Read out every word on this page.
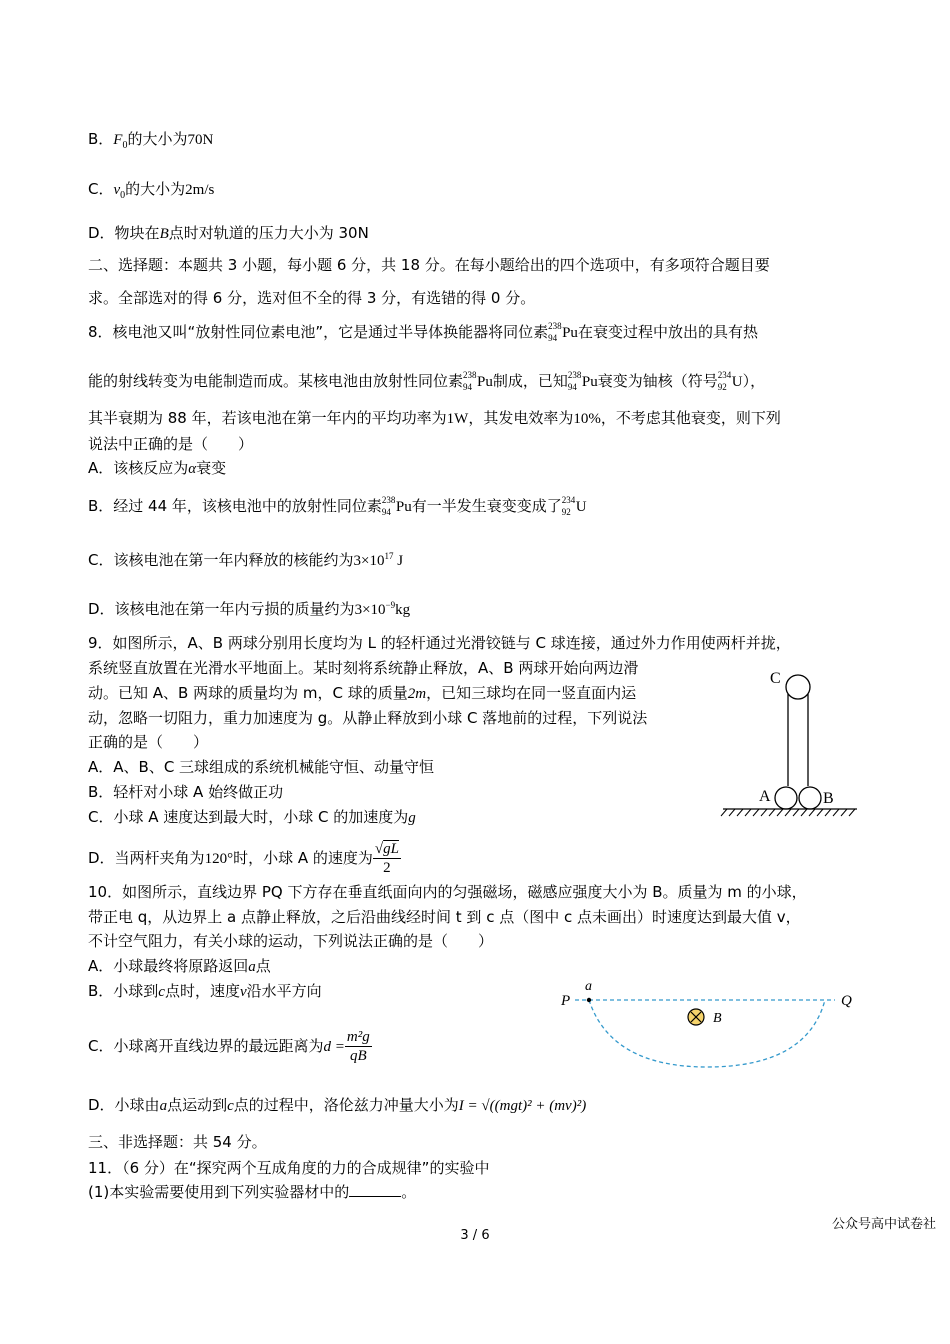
B．$F_0$的大小为70N
C．$v_0$的大小为2m/s
D．物块在B点时对轨道的压力大小为 30N
二、选择题：本题共 3 小题，每小题 6 分，共 18 分。在每小题给出的四个选项中，有多项符合题目要
求。全部选对的得 6 分，选对但不全的得 3 分，有选错的得 0 分。
8．核电池又叫“放射性同位素电池”，它是通过半导体换能器将同位素 238
94 Pu在衰变过程中放出的具有热
能的射线转变为电能制造而成。某核电池由放射性同位素 238
94 Pu制成，已知 238
94 Pu衰变为铀核（符号 234
92 U），
其半衰期为 88 年，若该电池在第一年内的平均功率为1W，其发电效率为10%，不考虑其他衰变，则下列
说法中正确的是（　　）
A．该核反应为α衰变
B．经过 44 年，该核电池中的放射性同位素 238
94 Pu有一半发生衰变变成了 234
92 U
C．该核电池在第一年内释放的核能约为$3\times 10^{17}$ J
D．该核电池在第一年内亏损的质量约为$3\times 10^{-9}kg$
9．如图所示，A、B 两球分别用长度均为 L 的轻杆通过光滑铰链与 C 球连接，通过外力作用使两杆并拢，
系统竖直放置在光滑水平地面上。某时刻将系统静止释放，A、B 两球开始向两边滑
动。已知 A、B 两球的质量均为 m，C 球的质量2m，已知三球均在同一竖直面内运
动，忽略一切阻力，重力加速度为 g。从静止释放到小球 C 落地前的过程，下列说法
正确的是（　　）
A．A、B、C 三球组成的系统机械能守恒、动量守恒
B．轻杆对小球 A 始终做正功
C．小球 A 速度达到最大时，小球 C 的加速度为g
D．当两杆夹角为120°时，小球 A 的速度为 $\frac{√gL}{2}$
C
A	B
10．如图所示，直线边界 PQ 下方存在垂直纸面向内的匀强磁场，磁感应强度大小为 B。质量为 m 的小球，
带正电 q，从边界上 a 点静止释放，之后沿曲线经时间 t 到 c 点（图中 c 点未画出）时速度达到最大值 v，
不计空气阻力，有关小球的运动，下列说法正确的是（　　）
A．小球最终将原路返回a点
B．小球到c点时，速度v沿水平方向
C．小球离开直线边界的最远距离为$d = \frac{\text{m²g}}{qB}$
D．小球由a点运动到c点的过程中，洛伦兹力冲量大小为I = √((mgt)² + (mv)²)
P	Q
a
B
三、非选择题：共 54 分。
11．（6 分）在“探究两个互成角度的力的合成规律”的实验中
(1)本实验需要使用到下列实验器材中的	。
公众号高中试卷社
3 / 6
